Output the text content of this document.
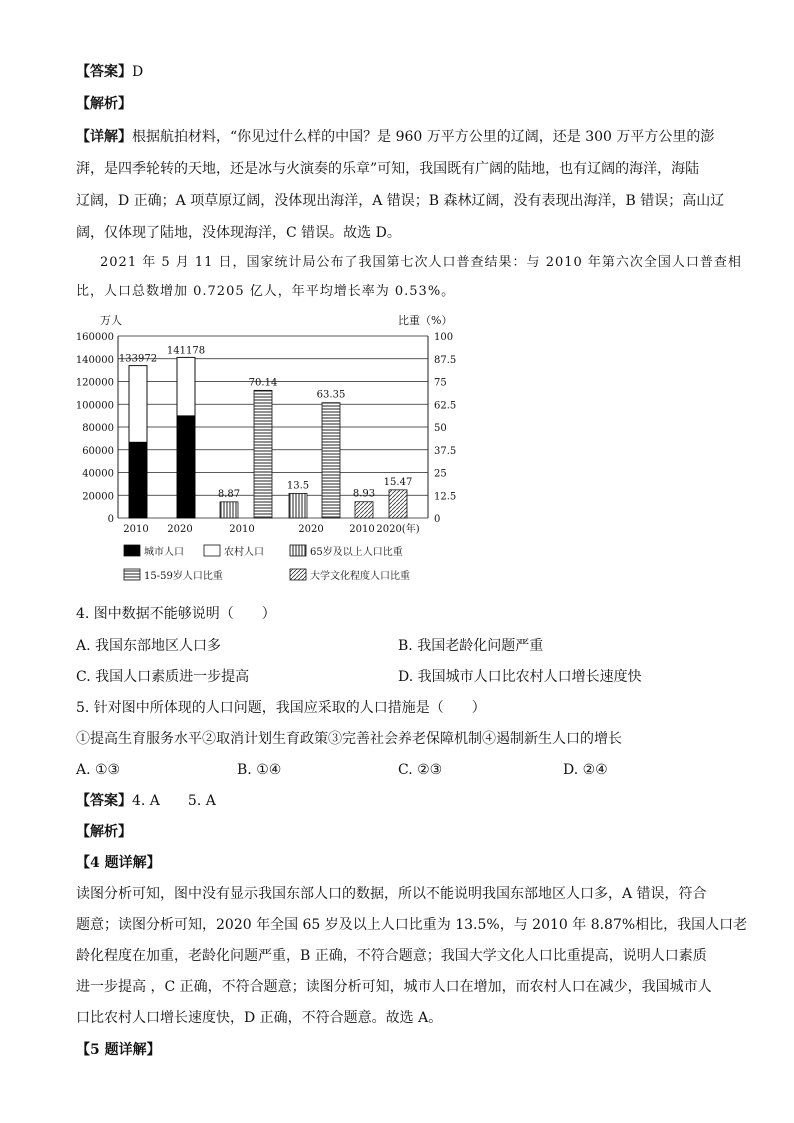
【答案】D
【解析】
【详解】根据航拍材料，“你见过什么样的中国？是 960 万平方公里的辽阔，还是 300 万平方公里的澎
湃，是四季轮转的天地，还是冰与火演奏的乐章”可知，我国既有广阔的陆地，也有辽阔的海洋，海陆
辽阔，D 正确；A 项草原辽阔，没体现出海洋，A 错误；B 森林辽阔，没有表现出海洋，B 错误；高山辽
阔，仅体现了陆地，没体现海洋，C 错误。故选 D。
2021 年 5 月 11 日，国家统计局公布了我国第七次人口普查结果：与 2010 年第六次全国人口普查相
比，人口总数增加 0.7205 亿人，年平均增长率为 0.53%。
万人	比重（%）
0	0
20000	12.5
40000	25
60000	37.5
80000	50
100000	62.5
120000	75
140000	87.5
160000	100
133972
141178
8.87
70.14
13.5
63.35
8.93
15.47
2010 2020	2010	2020	2010 2020(年)
城市人口	农村人口	65岁及以上人口比重
15-59岁人口比重	大学文化程度人口比重
4. 图中数据不能够说明（　　）
A. 我国东部地区人口多	B. 我国老龄化问题严重
C. 我国人口素质进一步提高	D. 我国城市人口比农村人口增长速度快
5. 针对图中所体现的人口问题，我国应采取的人口措施是（　　）
①提高生育服务水平②取消计划生育政策③完善社会养老保障机制④遏制新生人口的增长
A. ①③	B. ①④	C. ②③	D. ②④
【答案】4. A　　5. A
【解析】
【4 题详解】
读图分析可知，图中没有显示我国东部人口的数据，所以不能说明我国东部地区人口多，A 错误，符合
题意；读图分析可知，2020 年全国 65 岁及以上人口比重为 13.5%，与 2010 年 8.87%相比，我国人口老
龄化程度在加重，老龄化问题严重，B 正确，不符合题意；我国大学文化人口比重提高，说明人口素质
进一步提高 ，C 正确，不符合题意；读图分析可知，城市人口在增加，而农村人口在减少，我国城市人
口比农村人口增长速度快，D 正确，不符合题意。故选 A。
【5 题详解】
